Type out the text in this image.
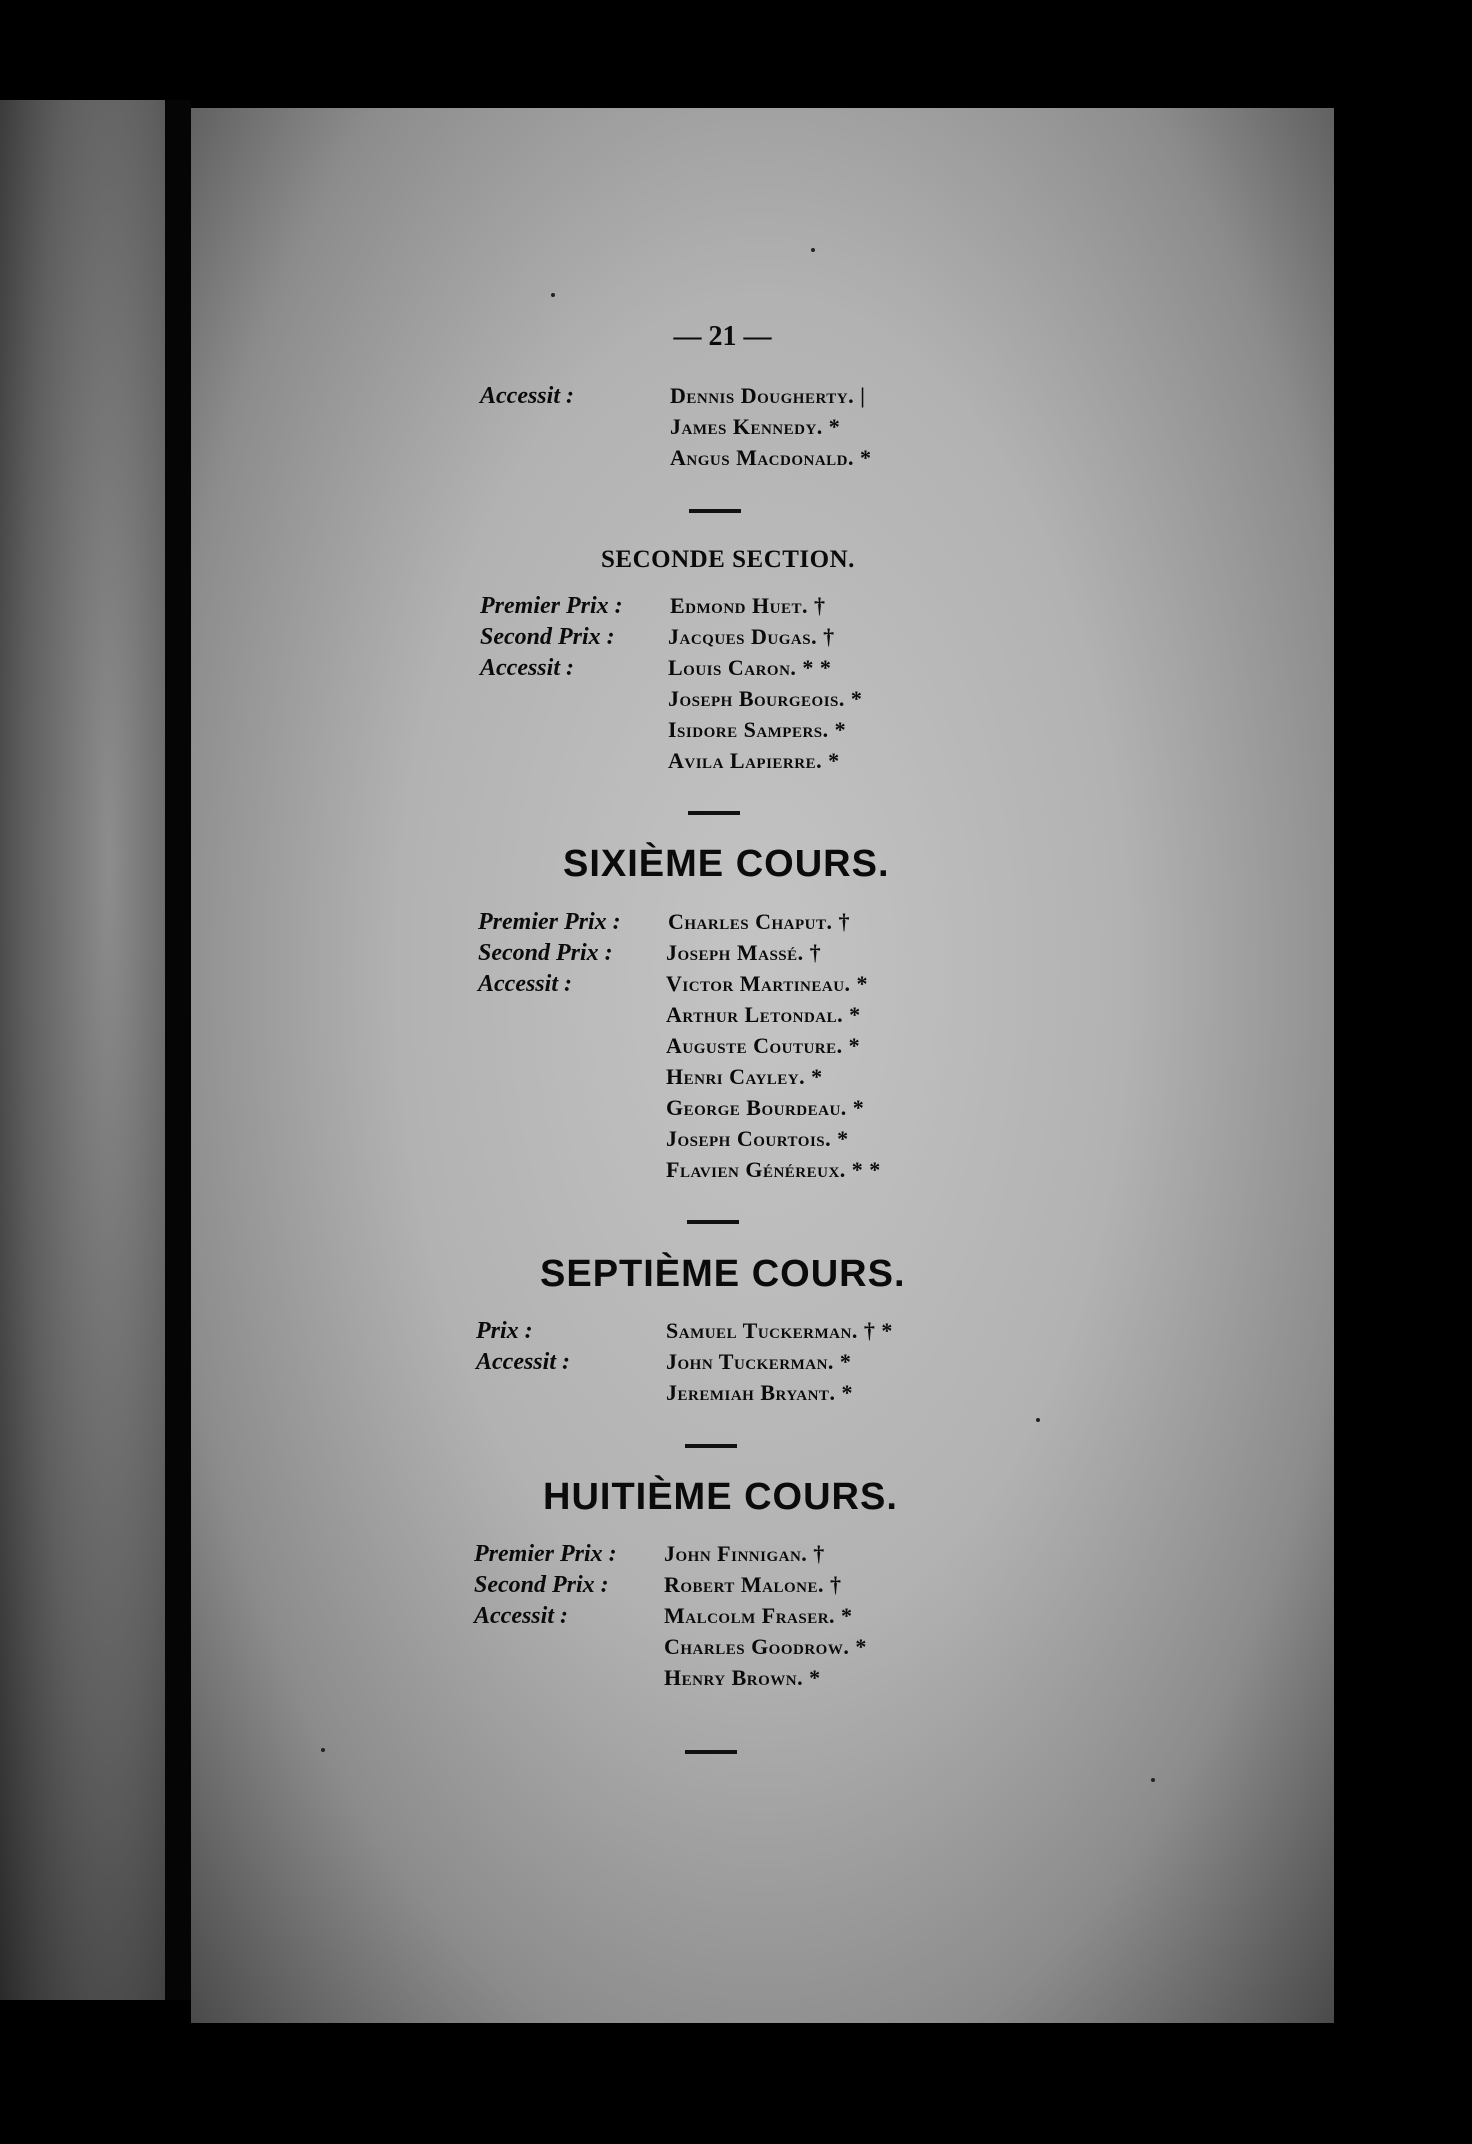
— 21 —
Accessit :	Dennis Dougherty. |
James Kennedy. *
Angus Macdonald. *
SECONDE SECTION.
Premier Prix : Edmond Huet. †
Second Prix : Jacques Dugas. †
Accessit :	Louis Caron. * *
Joseph Bourgeois. *
Isidore Sampers. *
Avila Lapierre. *
SIXIÈME COURS.
Premier Prix : Charles Chaput. †
Second Prix : Joseph Massé. †
Accessit :	Victor Martineau. *
Arthur Letondal. *
Auguste Couture. *
Henri Cayley. *
George Bourdeau. *
Joseph Courtois. *
Flavien Généreux. * *
SEPTIÈME COURS.
Prix :	Samuel Tuckerman. † *
Accessit :	John Tuckerman. *
Jeremiah Bryant. *
HUITIÈME COURS.
Premier Prix : John Finnigan. †
Second Prix :	Robert Malone. †
Accessit :	Malcolm Fraser. *
Charles Goodrow. *
Henry Brown. *
